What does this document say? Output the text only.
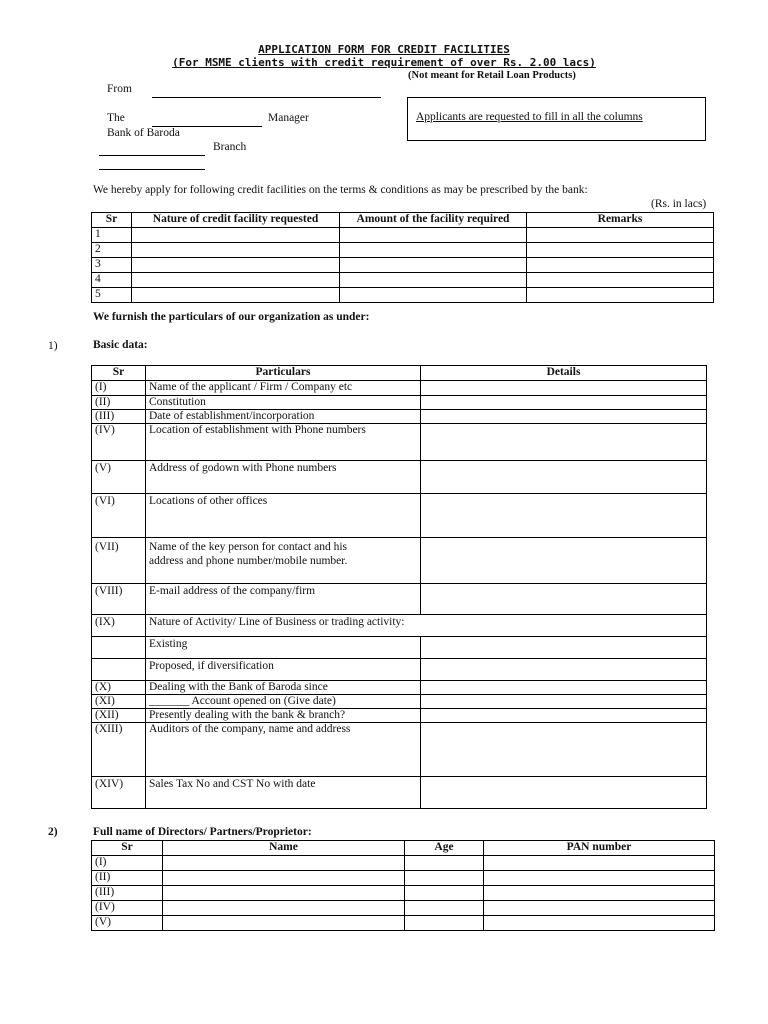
APPLICATION FORM FOR CREDIT FACILITIES
(For MSME clients with credit requirement of over Rs. 2.00 lacs)
(Not meant for Retail Loan Products)
From
The	Manager
Bank of Baroda
Branch
Applicants are requested to fill in all the columns
We hereby apply for following credit facilities on the terms & conditions as may be prescribed by the bank:
(Rs. in lacs)
Sr	Nature of credit facility requested	Amount of the facility required	Remarks
1			
2			
3			
4			
5			
We furnish the particulars of our organization as under:
1)	Basic data:
Sr	Particulars	Details
(I)	Name of the applicant / Firm / Company etc	
(II)	Constitution	
(III)	Date of establishment/incorporation	
(IV)	Location of establishment with Phone numbers	
(V)	Address of godown with Phone numbers	
(VI)	Locations of other offices	
(VII)	Name of the key person for contact and his
address and phone number/mobile number.	

(VIII)	E-mail address of the company/firm	
(IX)	Nature of Activity/ Line of Business or trading activity:	
	Existing	
	Proposed, if diversification	
(X)	Dealing with the Bank of Baroda since	
(XI)	_______ Account opened on (Give date)	
(XII)	Presently dealing with the bank & branch?	
(XIII)	Auditors of the company, name and address	
(XIV)	Sales Tax No and CST No with date	
2)	Full name of Directors/ Partners/Proprietor:
Sr	Name	Age	PAN number
(I)			
(II)			
(III)			
(IV)			
(V)			
